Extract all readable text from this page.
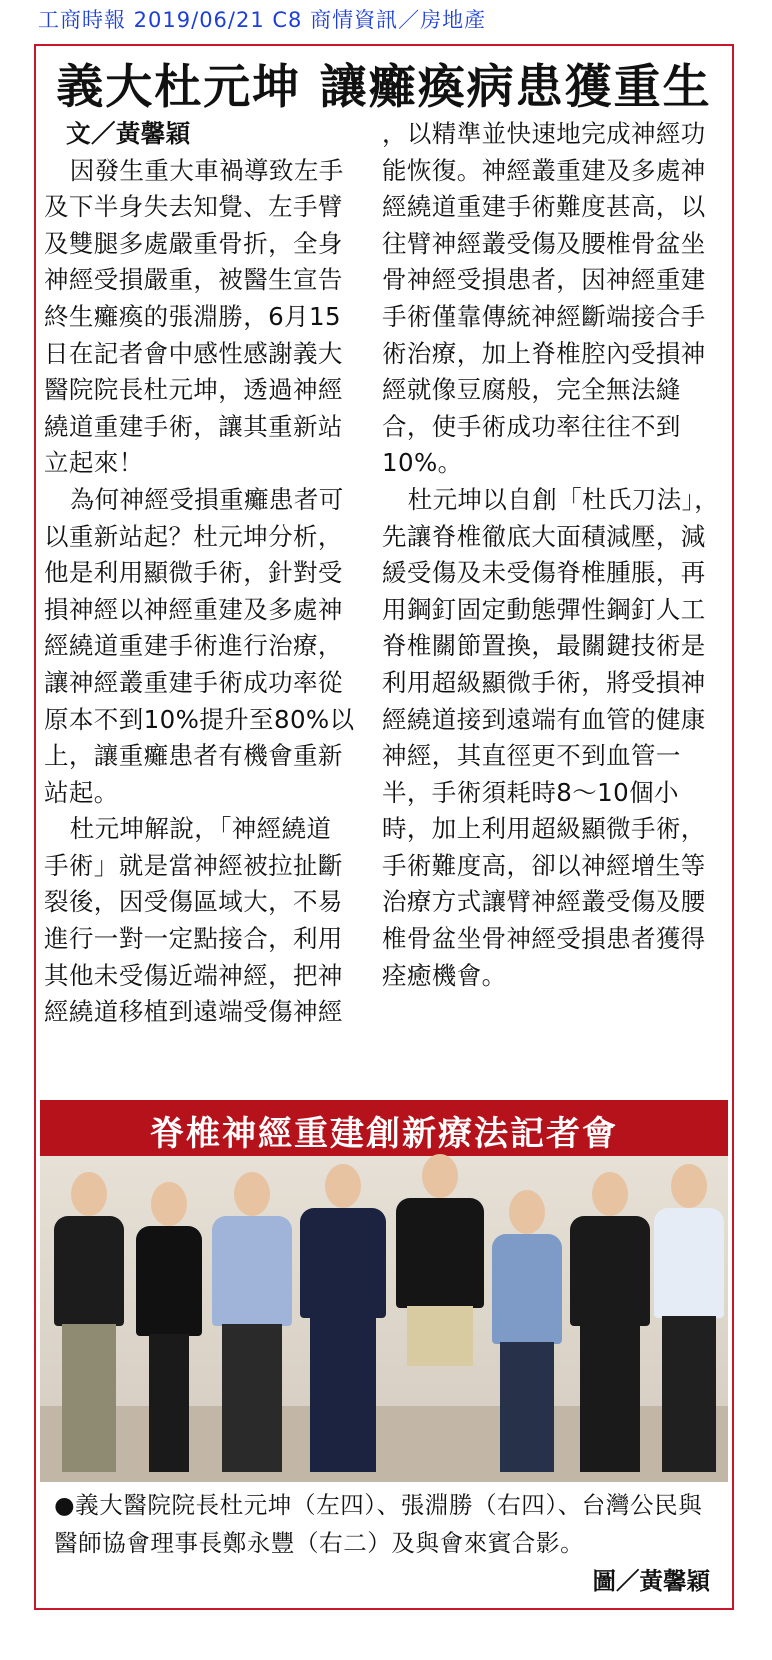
工商時報 2019/06/21 C8 商情資訊／房地產
義大杜元坤 讓癱瘓病患獲重生

文／黃馨穎

因發生重大車禍導致左手及下半身失去知覺、左手臂及雙腿多處嚴重骨折，全身神經受損嚴重，被醫生宣告終生癱瘓的張淵勝，6月15日在記者會中感性感謝義大醫院院長杜元坤，透過神經繞道重建手術，讓其重新站立起來！

為何神經受損重癱患者可以重新站起？杜元坤分析，他是利用顯微手術，針對受損神經以神經重建及多處神經繞道重建手術進行治療，讓神經叢重建手術成功率從原本不到10%提升至80%以上，讓重癱患者有機會重新站起。

杜元坤解說，「神經繞道手術」就是當神經被拉扯斷裂後，因受傷區域大，不易進行一對一定點接合，利用其他未受傷近端神經，把神經繞道移植到遠端受傷神經

，以精準並快速地完成神經功能恢復。神經叢重建及多處神經繞道重建手術難度甚高，以往臂神經叢受傷及腰椎骨盆坐骨神經受損患者，因神經重建手術僅靠傳統神經斷端接合手術治療，加上脊椎腔內受損神經就像豆腐般，完全無法縫合，使手術成功率往往不到10%。

杜元坤以自創「杜氏刀法」，先讓脊椎徹底大面積減壓，減緩受傷及未受傷脊椎腫脹，再用鋼釘固定動態彈性鋼釘人工脊椎關節置換，最關鍵技術是利用超級顯微手術，將受損神經繞道接到遠端有血管的健康神經，其直徑更不到血管一半，手術須耗時8～10個小時，加上利用超級顯微手術，手術難度高，卻以神經增生等治療方式讓臂神經叢受傷及腰椎骨盆坐骨神經受損患者獲得痊癒機會。

脊椎神經重建創新療法記者會
●義大醫院院長杜元坤（左四）、張淵勝（右四）、台灣公民與醫師協會理事長鄭永豐（右二）及與會來賓合影。
圖／黃馨穎
